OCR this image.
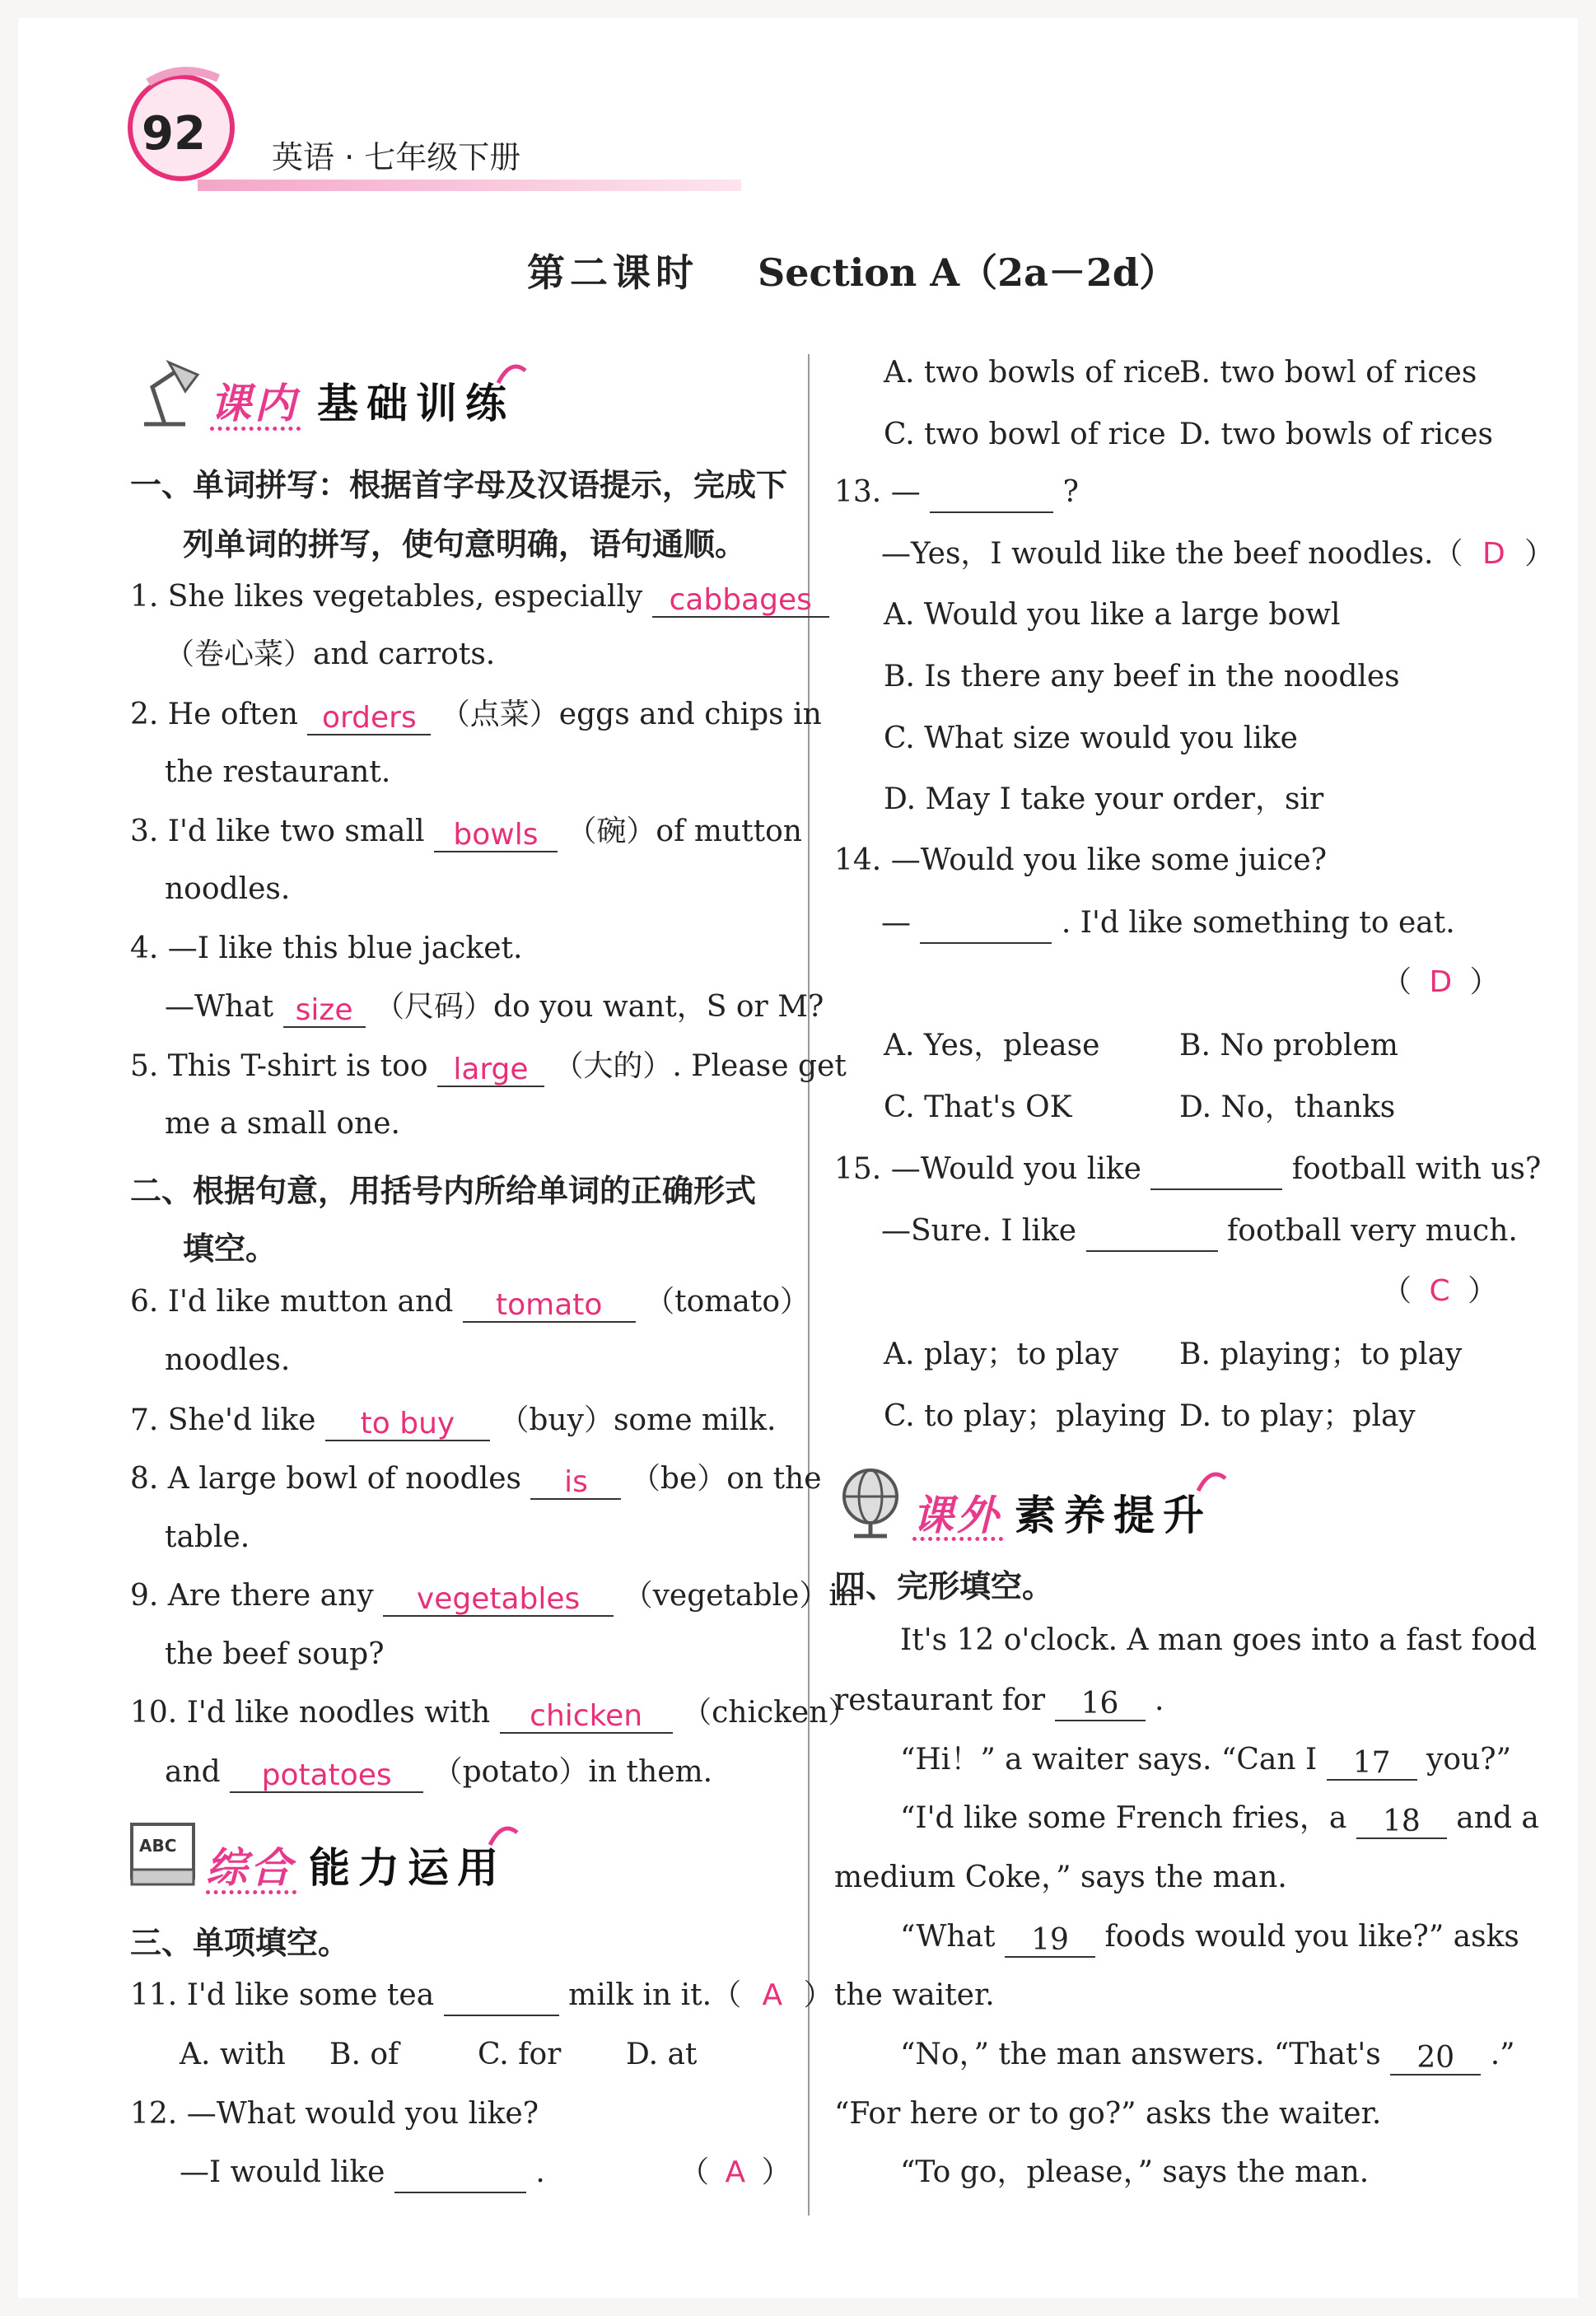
92 英语 · 七年级下册
第二课时 Section A（2a－2d）
课内 基础训练
一、单词拼写：根据首字母及汉语提示，完成下
列单词的拼写，使句意明确，语句通顺。
1. She likes vegetables, especially cabbages
（卷心菜）and carrots.
2. He often orders （点菜）eggs and chips in
the restaurant.
3. I'd like two small bowls （碗）of mutton
noodles.
4. —I like this blue jacket.
—What size （尺码）do you want，S or M?
5. This T-shirt is too large （大的）. Please get
me a small one.
二、根据句意，用括号内所给单词的正确形式
填空。
6. I'd like mutton and tomato （tomato）
noodles.
7. She'd like to buy （buy）some milk.
8. A large bowl of noodles is （be）on the
table.
9. Are there any vegetables （vegetable）in
the beef soup?
10. I'd like noodles with chicken （chicken）
and potatoes （potato）in them.
ABC 综合 能力运用
三、单项填空。
11. I'd like some tea	milk in it.（ A ）
A. with B. of	C. for D. at
12. —What would you like?
—I would like	.	（ A ）
A. two bowls of rice
B. two bowl of rices
C. two bowl of rice D. two bowls of rices
13. —	?
—Yes，I would like the beef noodles.（ D ）
A. Would you like a large bowl
B. Is there any beef in the noodles
C. What size would you like
D. May I take your order，sir
14. —Would you like some juice?
—	. I'd like something to eat.
（ D ）
A. Yes，please	B. No problem
C. That's OK	D. No，thanks
15. —Would you like	football with us?
—Sure. I like	football very much.
（ C ）
A. play；to play B. playing；to play
C. to play；playing D. to play；play
课外 素养提升
四、完形填空。
It's 12 o'clock. A man goes into a fast food
restaurant for 16 .
“Hi！” a waiter says. “Can I 17 you?”
“I'd like some French fries，a 18 and a
medium Coke，” says the man.
“What 19 foods would you like?” asks
the waiter.
“No，” the man answers. “That's 20 .”
“For here or to go?” asks the waiter.
“To go，please，” says the man.
